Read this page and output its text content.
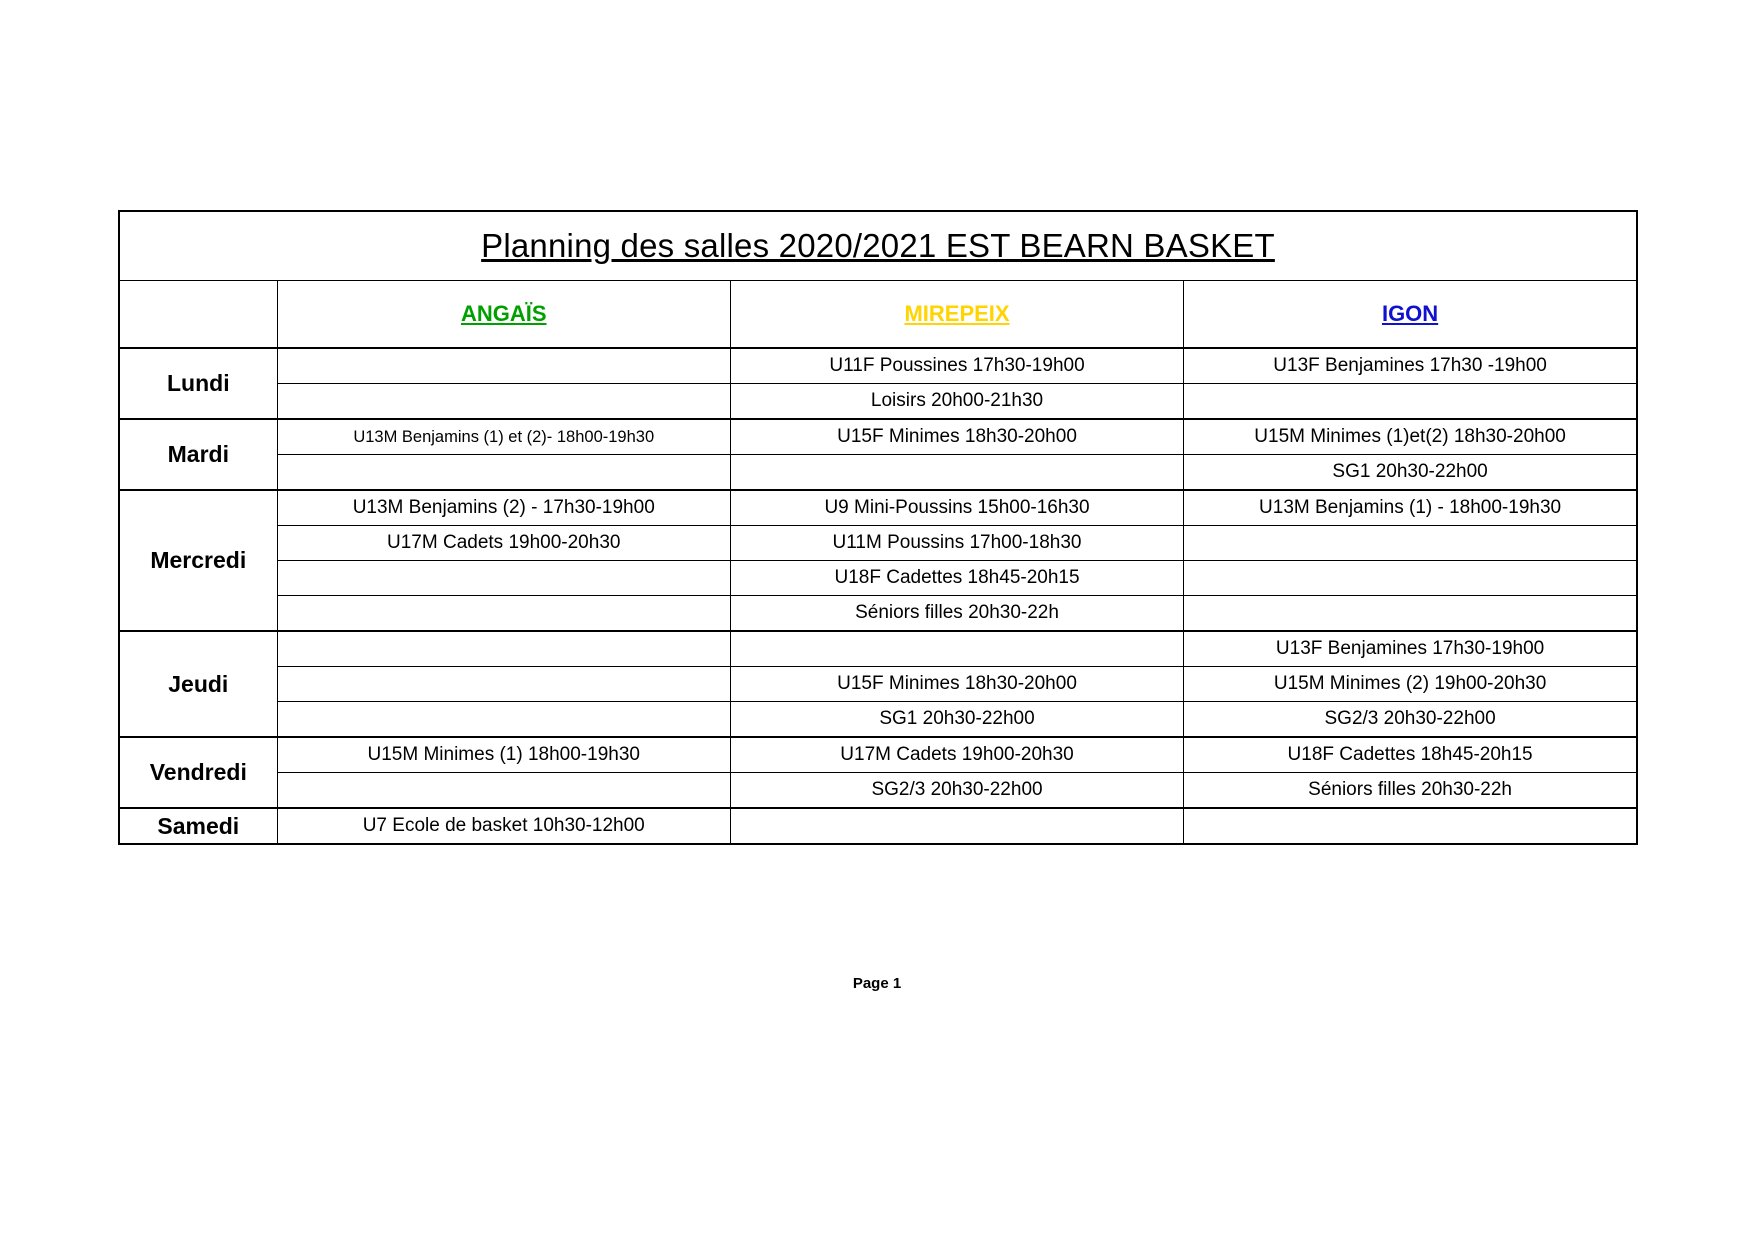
Planning des salles 2020/2021 EST BEARN BASKET			
	ANGAÏS	MIREPEIX	IGON
Lundi		U11F Poussines 17h30-19h00	U13F Benjamines 17h30 -19h00
		Loisirs 20h00-21h30	
Mardi	U13M Benjamins (1) et (2)- 18h00-19h30	U15F Minimes 18h30-20h00	U15M Minimes (1)et(2) 18h30-20h00
			SG1 20h30-22h00
Mercredi	U13M Benjamins (2) - 17h30-19h00	U9 Mini-Poussins 15h00-16h30	U13M Benjamins (1) - 18h00-19h30
	U17M Cadets 19h00-20h30	U11M Poussins 17h00-18h30	
		U18F Cadettes 18h45-20h15	
		Séniors filles 20h30-22h	
Jeudi			U13F Benjamines 17h30-19h00
		U15F Minimes 18h30-20h00	U15M Minimes (2) 19h00-20h30
		SG1 20h30-22h00	SG2/3 20h30-22h00
Vendredi	U15M Minimes (1) 18h00-19h30	U17M Cadets 19h00-20h30	U18F Cadettes 18h45-20h15
		SG2/3 20h30-22h00	Séniors filles 20h30-22h
Samedi	U7 Ecole de basket 10h30-12h00		
Page 1
